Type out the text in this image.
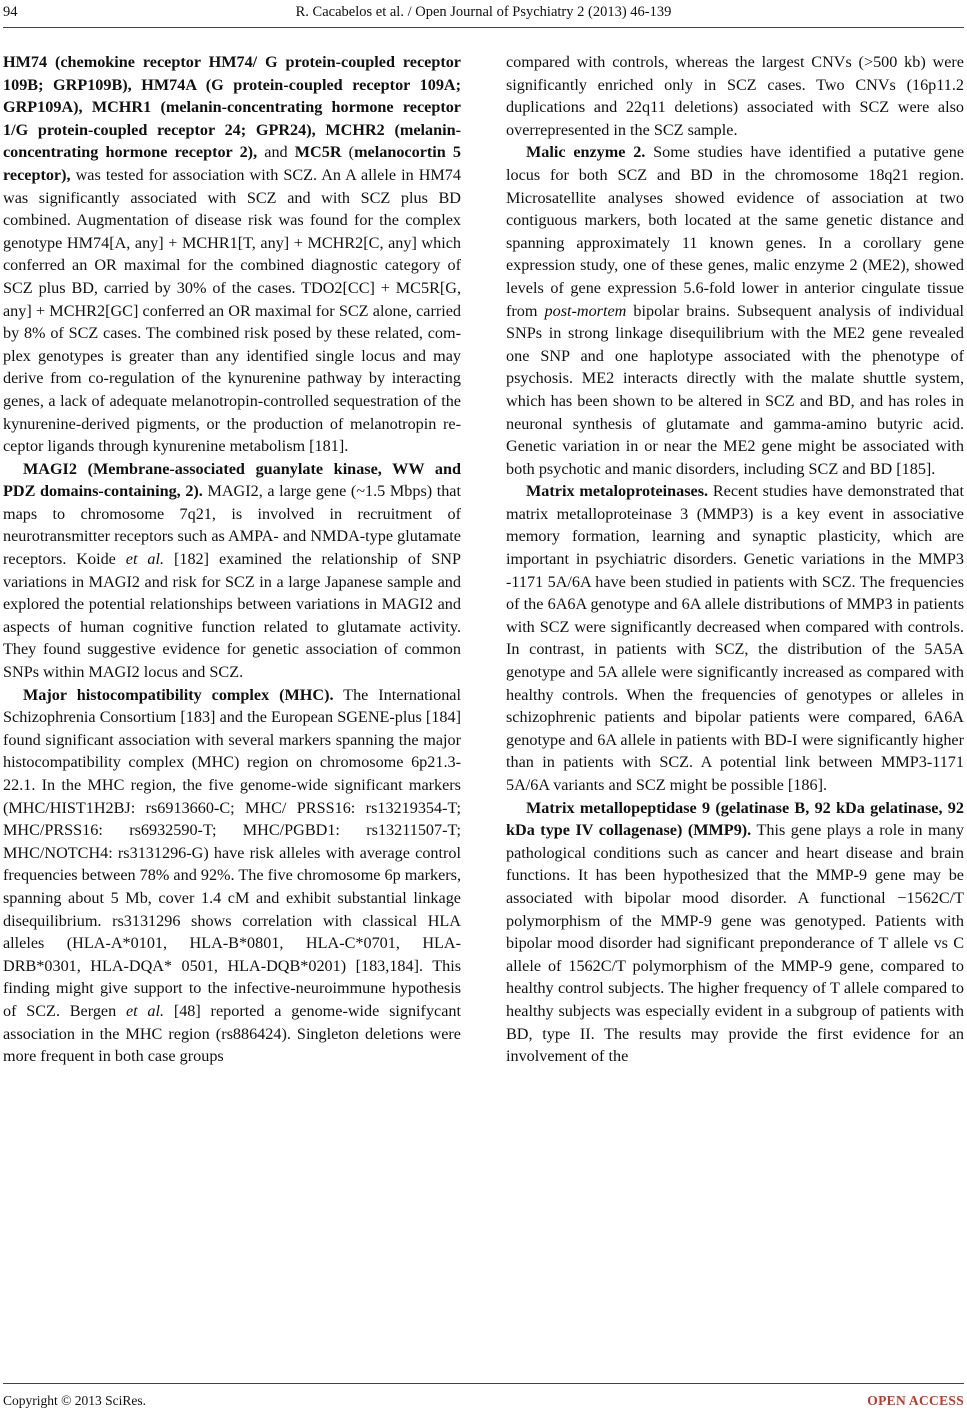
94	R. Cacabelos et al. / Open Journal of Psychiatry 2 (2013) 46-139

HM74 (chemokine receptor HM74/ G protein-coupled receptor 109B; GRP109B), HM74A (G protein-coupled receptor 109A; GRP109A), MCHR1 (melanin-concentrating hormone receptor 1/G protein-coupled receptor 24; GPR24), MCHR2 (melanin-concentrating hormone receptor 2), and MC5R (melanocortin 5 receptor), was tested for association with SCZ. An A allele in HM74 was significantly associated with SCZ and with SCZ plus BD combined. Augmentation of disease risk was found for the complex genotype HM74[A, any] + MCHR1[T, any] + MCHR2[C, any] which conferred an OR maximal for the combined diagnostic category of SCZ plus BD, carried by 30% of the cases. TDO2[CC] + MC5R[G, any] + MCHR2[GC] conferred an OR maximal for SCZ alone, carried by 8% of SCZ cases. The combined risk posed by these related, complex genotypes is greater than any identified single locus and may derive from co-regulation of the kynurenine pathway by interacting genes, a lack of adequate melanotropin-controlled sequestration of the kynurenine-derived pigments, or the production of melanotropin receptor ligands through kynurenine metabolism [181].

MAGI2 (Membrane-associated guanylate kinase, WW and PDZ domains-containing, 2). MAGI2, a large gene (~1.5 Mbps) that maps to chromosome 7q21, is involved in recruitment of neurotransmitter receptors such as AMPA- and NMDA-type glutamate receptors. Koide et al. [182] examined the relationship of SNP variations in MAGI2 and risk for SCZ in a large Japanese sample and explored the potential relationships between variations in MAGI2 and aspects of human cognitive function related to glutamate activity. They found suggestive evidence for genetic association of common SNPs within MAGI2 locus and SCZ.

Major histocompatibility complex (MHC). The International Schizophrenia Consortium [183] and the European SGENE-plus [184] found significant association with several markers spanning the major histocompatibility complex (MHC) region on chromosome 6p21.3-22.1. In the MHC region, the five genome-wide significant markers (MHC/HIST1H2BJ: rs6913660-C; MHC/ PRSS16: rs13219354-T; MHC/PRSS16: rs6932590-T; MHC/PGBD1: rs13211507-T; MHC/NOTCH4: rs3131296-G) have risk alleles with average control frequencies between 78% and 92%. The five chromosome 6p markers, spanning about 5 Mb, cover 1.4 cM and exhibit substantial linkage disequilibrium. rs3131296 shows correlation with classical HLA alleles (HLA-A*0101, HLA-B*0801, HLA-C*0701, HLA-DRB*0301, HLA-DQA* 0501, HLA-DQB*0201) [183,184]. This finding might give support to the infective-neuroimmune hypothesis of SCZ. Bergen et al. [48] reported a genome-wide signifycant association in the MHC region (rs886424). Singleton deletions were more frequent in both case groups

compared with controls, whereas the largest CNVs (>500 kb) were significantly enriched only in SCZ cases. Two CNVs (16p11.2 duplications and 22q11 deletions) associated with SCZ were also overrepresented in the SCZ sample.

Malic enzyme 2. Some studies have identified a putative gene locus for both SCZ and BD in the chromosome 18q21 region. Microsatellite analyses showed evidence of association at two contiguous markers, both located at the same genetic distance and spanning approximately 11 known genes. In a corollary gene expression study, one of these genes, malic enzyme 2 (ME2), showed levels of gene expression 5.6-fold lower in anterior cingulate tissue from post-mortem bipolar brains. Subsequent analysis of individual SNPs in strong linkage disequilibrium with the ME2 gene revealed one SNP and one haplotype associated with the phenotype of psychosis. ME2 interacts directly with the malate shuttle system, which has been shown to be altered in SCZ and BD, and has roles in neuronal synthesis of glutamate and gamma-amino butyric acid. Genetic variation in or near the ME2 gene might be associated with both psychotic and manic disorders, including SCZ and BD [185].

Matrix metaloproteinases. Recent studies have demonstrated that matrix metalloproteinase 3 (MMP3) is a key event in associative memory formation, learning and synaptic plasticity, which are important in psychiatric disorders. Genetic variations in the MMP3 -1171 5A/6A have been studied in patients with SCZ. The frequencies of the 6A6A genotype and 6A allele distributions of MMP3 in patients with SCZ were significantly decreased when compared with controls. In contrast, in patients with SCZ, the distribution of the 5A5A genotype and 5A allele were significantly increased as compared with healthy controls. When the frequencies of genotypes or alleles in schizophrenic patients and bipolar patients were compared, 6A6A genotype and 6A allele in patients with BD-I were significantly higher than in patients with SCZ. A potential link between MMP3-1171 5A/6A variants and SCZ might be possible [186].

Matrix metallopeptidase 9 (gelatinase B, 92 kDa gelatinase, 92 kDa type IV collagenase) (MMP9). This gene plays a role in many pathological conditions such as cancer and heart disease and brain functions. It has been hypothesized that the MMP-9 gene may be associated with bipolar mood disorder. A functional −1562C/T polymorphism of the MMP-9 gene was genotyped. Patients with bipolar mood disorder had significant preponderance of T allele vs C allele of 1562C/T polymorphism of the MMP-9 gene, compared to healthy control subjects. The higher frequency of T allele compared to healthy subjects was especially evident in a subgroup of patients with BD, type II. The results may provide the first evidence for an involvement of the

Copyright © 2013 SciRes.	OPEN ACCESS
